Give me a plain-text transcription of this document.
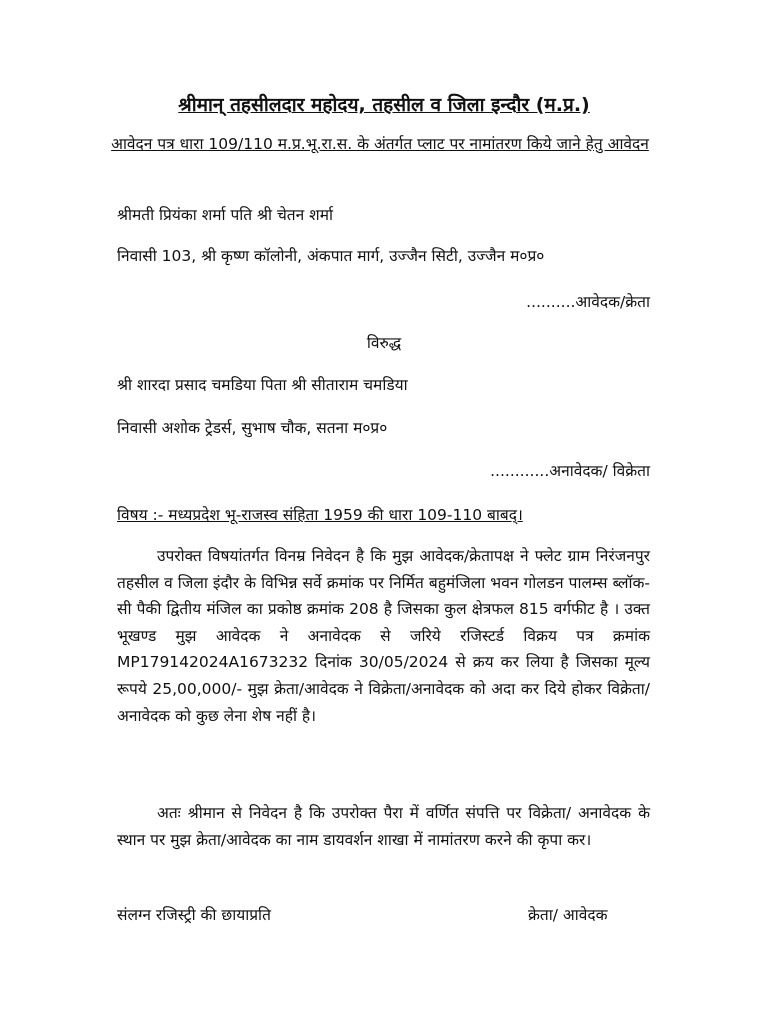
श्रीमान् तहसीलदार महोदय, तहसील व जिला इन्दौर (म.प्र.)
आवेदन पत्र धारा 109/110 म.प्र.भू.रा.स. के अंतर्गत प्लाट पर नामांतरण किये जाने हेतु आवेदन
श्रीमती प्रियंका शर्मा पति श्री चेतन शर्मा
निवासी 103, श्री कृष्ण कॉलोनी, अंकपात मार्ग, उज्जैन सिटी, उज्जैन म०प्र०
..........आवेदक/क्रेता
विरुद्ध
श्री शारदा प्रसाद चमडिया पिता श्री सीताराम चमडिया
निवासी अशोक ट्रेडर्स, सुभाष चौक, सतना म०प्र०
............अनावेदक/ विक्रेता
विषय :- मध्यप्रदेश भू-राजस्व संहिता 1959 की धारा 109-110 बाबद्।
उपरोक्त विषयांतर्गत विनम्र निवेदन है कि मुझ आवेदक/क्रेतापक्ष ने फ्लेट ग्राम निरंजनपुर तहसील व जिला इंदौर के विभिन्न सर्वे क्रमांक पर निर्मित बहुमंजिला भवन गोलडन पालम्स ब्लॉक-सी पैकी द्वितीय मंजिल का प्रकोष्ठ क्रमांक 208 है जिसका कुल क्षेत्रफल 815 वर्गफीट है । उक्त भूखण्ड मुझ आवेदक ने अनावेदक से जरिये रजिस्टर्ड विक्रय पत्र क्रमांक MP179142024A1673232 दिनांक 30/05/2024 से क्रय कर लिया है जिसका मूल्य रूपये 25,00,000/- मुझ क्रेता/आवेदक ने विक्रेता/अनावेदक को अदा कर दिये होकर विक्रेता/अनावेदक को कुछ लेना शेष नहीं है।
अतः श्रीमान से निवेदन है कि उपरोक्त पैरा में वर्णित संपत्ति पर विक्रेता/ अनावेदक के स्थान पर मुझ क्रेता/आवेदक का नाम डायवर्शन शाखा में नामांतरण करने की कृपा कर।
संलग्न रजिस्ट्री की छायाप्रति	क्रेता/ आवेदक
